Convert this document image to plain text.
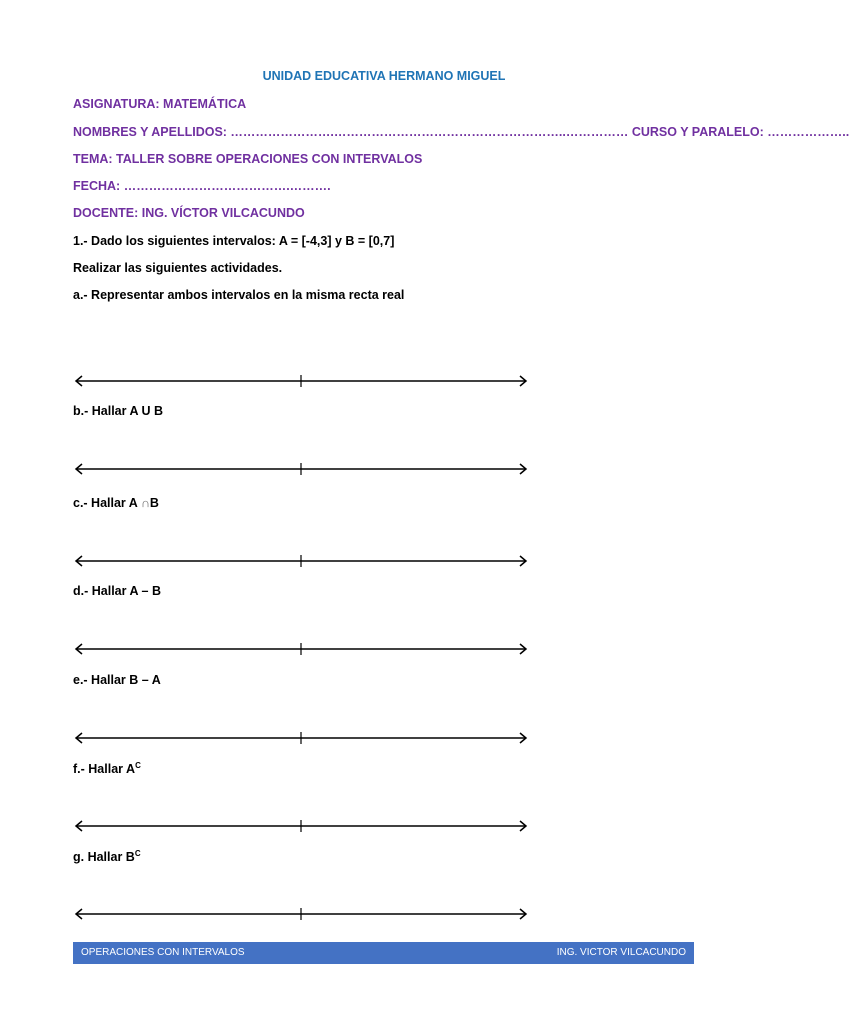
UNIDAD EDUCATIVA HERMANO MIGUEL
ASIGNATURA: MATEMÁTICA
NOMBRES Y APELLIDOS: …………………….………………………………………………..…………… CURSO Y PARALELO: ………………..
TEMA: TALLER SOBRE OPERACIONES CON INTERVALOS
FECHA: ………………………………….……….
DOCENTE: ING. VÍCTOR VILCACUNDO
1.- Dado los siguientes intervalos: A = [-4,3] y B = [0,7]
Realizar las siguientes actividades.
a.- Representar ambos intervalos en la misma recta real
b.- Hallar A U B
c.- Hallar A ∩B
d.- Hallar A – B
e.- Hallar B – A
f.- Hallar $A^C$
g. Hallar $B^C$
OPERACIONES CON INTERVALOS	ING. VICTOR VILCACUNDO
